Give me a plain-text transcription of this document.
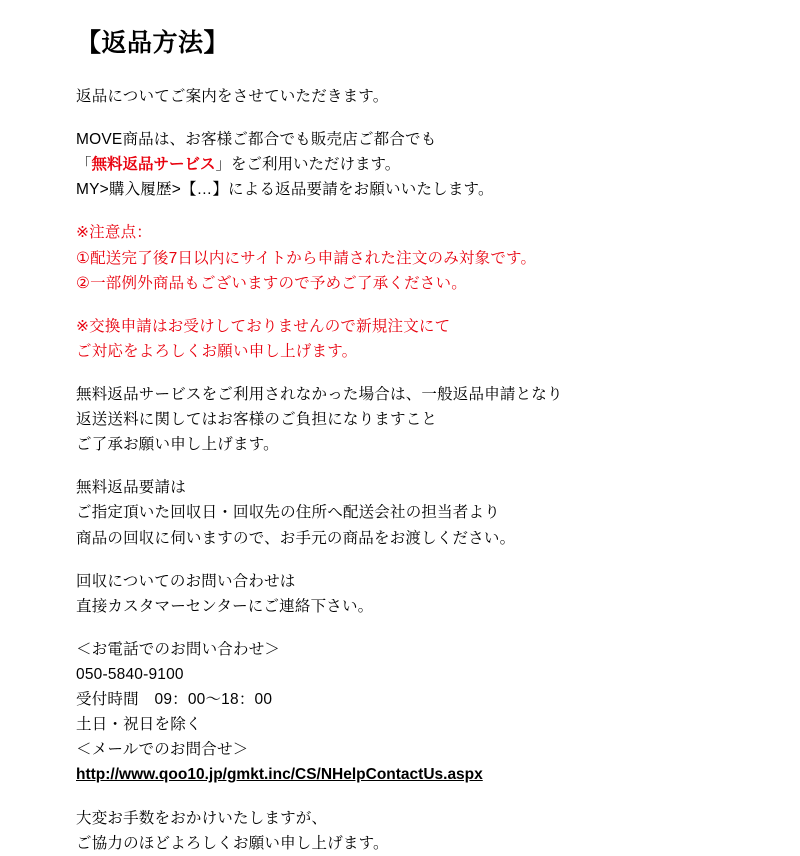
【返品方法】
返品についてご案内をさせていただきます。
MOVE商品は、お客様ご都合でも販売店ご都合でも
「無料返品サービス」をご利用いただけます。
MY>購入履歴>【…】による返品要請をお願いいたします。
※注意点：
①配送完了後7日以内にサイトから申請された注文のみ対象です。
②一部例外商品もございますので予めご了承ください。
※交換申請はお受けしておりませんので新規注文にて
ご対応をよろしくお願い申し上げます。
無料返品サービスをご利用されなかった場合は、一般返品申請となり
返送送料に関してはお客様のご負担になりますこと
ご了承お願い申し上げます。
無料返品要請は
ご指定頂いた回収日・回収先の住所へ配送会社の担当者より
商品の回収に伺いますので、お手元の商品をお渡しください。
回収についてのお問い合わせは
直接カスタマーセンターにご連絡下さい。
＜お電話でのお問い合わせ＞
050-5840-9100
受付時間　09：00〜18：00
土日・祝日を除く
＜メールでのお問合せ＞
http://www.qoo10.jp/gmkt.inc/CS/NHelpContactUs.aspx
大変お手数をおかけいたしますが、
ご協力のほどよろしくお願い申し上げます。
